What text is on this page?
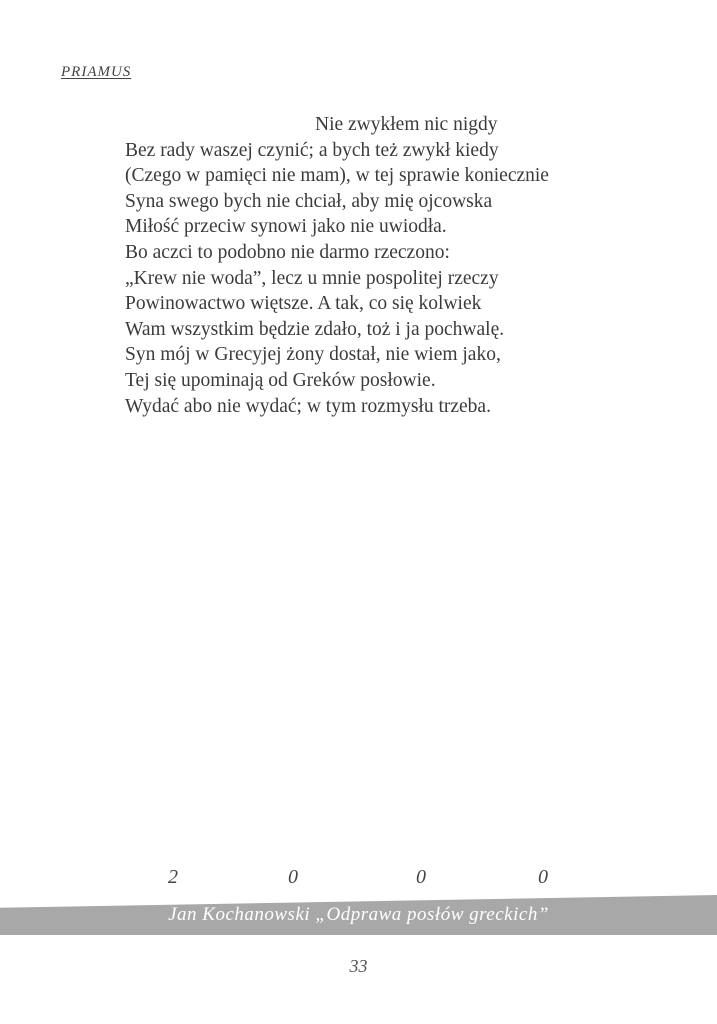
PRIAMUS
Nie zwykłem nic nigdy
Bez rady waszej czynić; a bych też zwykł kiedy
(Czego w pamięci nie mam), w tej sprawie koniecznie
Syna swego bych nie chciał, aby mię ojcowska
Miłość przeciw synowi jako nie uwiodła.
Bo aczci to podobno nie darmo rzeczono:
„Krew nie woda”, lecz u mnie pospolitej rzeczy
Powinowactwo więtsze. A tak, co się kolwiek
Wam wszystkim będzie zdało, toż i ja pochwalę.
Syn mój w Grecyjej żony dostał, nie wiem jako,
Tej się upominają od Greków posłowie.
Wydać abo nie wydać; w tym rozmysłu trzeba.
2	0	0	0
Jan Kochanowski „Odprawa posłów greckich”
33
